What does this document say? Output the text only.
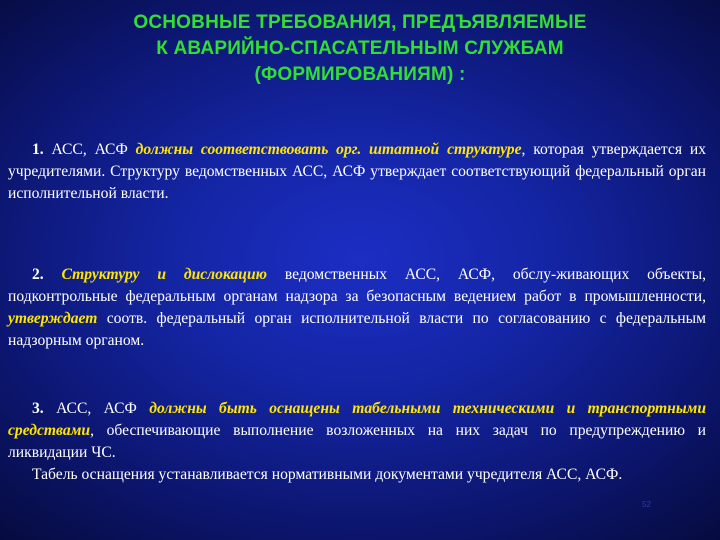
ОСНОВНЫЕ ТРЕБОВАНИЯ, ПРЕДЪЯВЛЯЕМЫЕ
К АВАРИЙНО-СПАСАТЕЛЬНЫМ СЛУЖБАМ
(ФОРМИРОВАНИЯМ) :

1. АСС, АСФ должны соответствовать орг. штатной структуре, которая утверждается их учредителями. Структуру ведомственных АСС, АСФ утверждает соответствующий федеральный орган исполнительной власти.

2. Структуру и дислокацию ведомственных АСС, АСФ, обслу-живающих объекты, подконтрольные федеральным органам надзора за безопасным ведением работ в промышленности, утверждает соотв. федеральный орган исполнительной власти по согласованию с федеральным надзорным органом.

3. АСС, АСФ должны быть оснащены табельными техническими и транспортными средствами, обеспечивающие выполнение возложенных на них задач по предупреждению и ликвидации ЧС.

Табель оснащения устанавливается нормативными документами учредителя АСС, АСФ.

52
